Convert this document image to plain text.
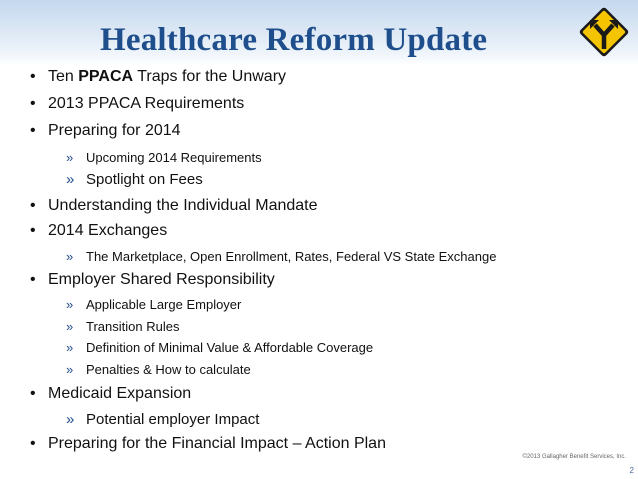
Healthcare Reform Update
• Ten PPACA Traps for the Unwary
• 2013 PPACA Requirements
• Preparing for 2014
» Upcoming 2014 Requirements
» Spotlight on Fees
• Understanding the Individual Mandate
• 2014 Exchanges
» The Marketplace, Open Enrollment, Rates, Federal VS State Exchange
• Employer Shared Responsibility
» Applicable Large Employer
» Transition Rules
» Definition of Minimal Value & Affordable Coverage
» Penalties & How to calculate
• Medicaid Expansion
» Potential employer Impact
• Preparing for the Financial Impact – Action Plan
©2013 Gallagher Benefit Services, Inc.
2
